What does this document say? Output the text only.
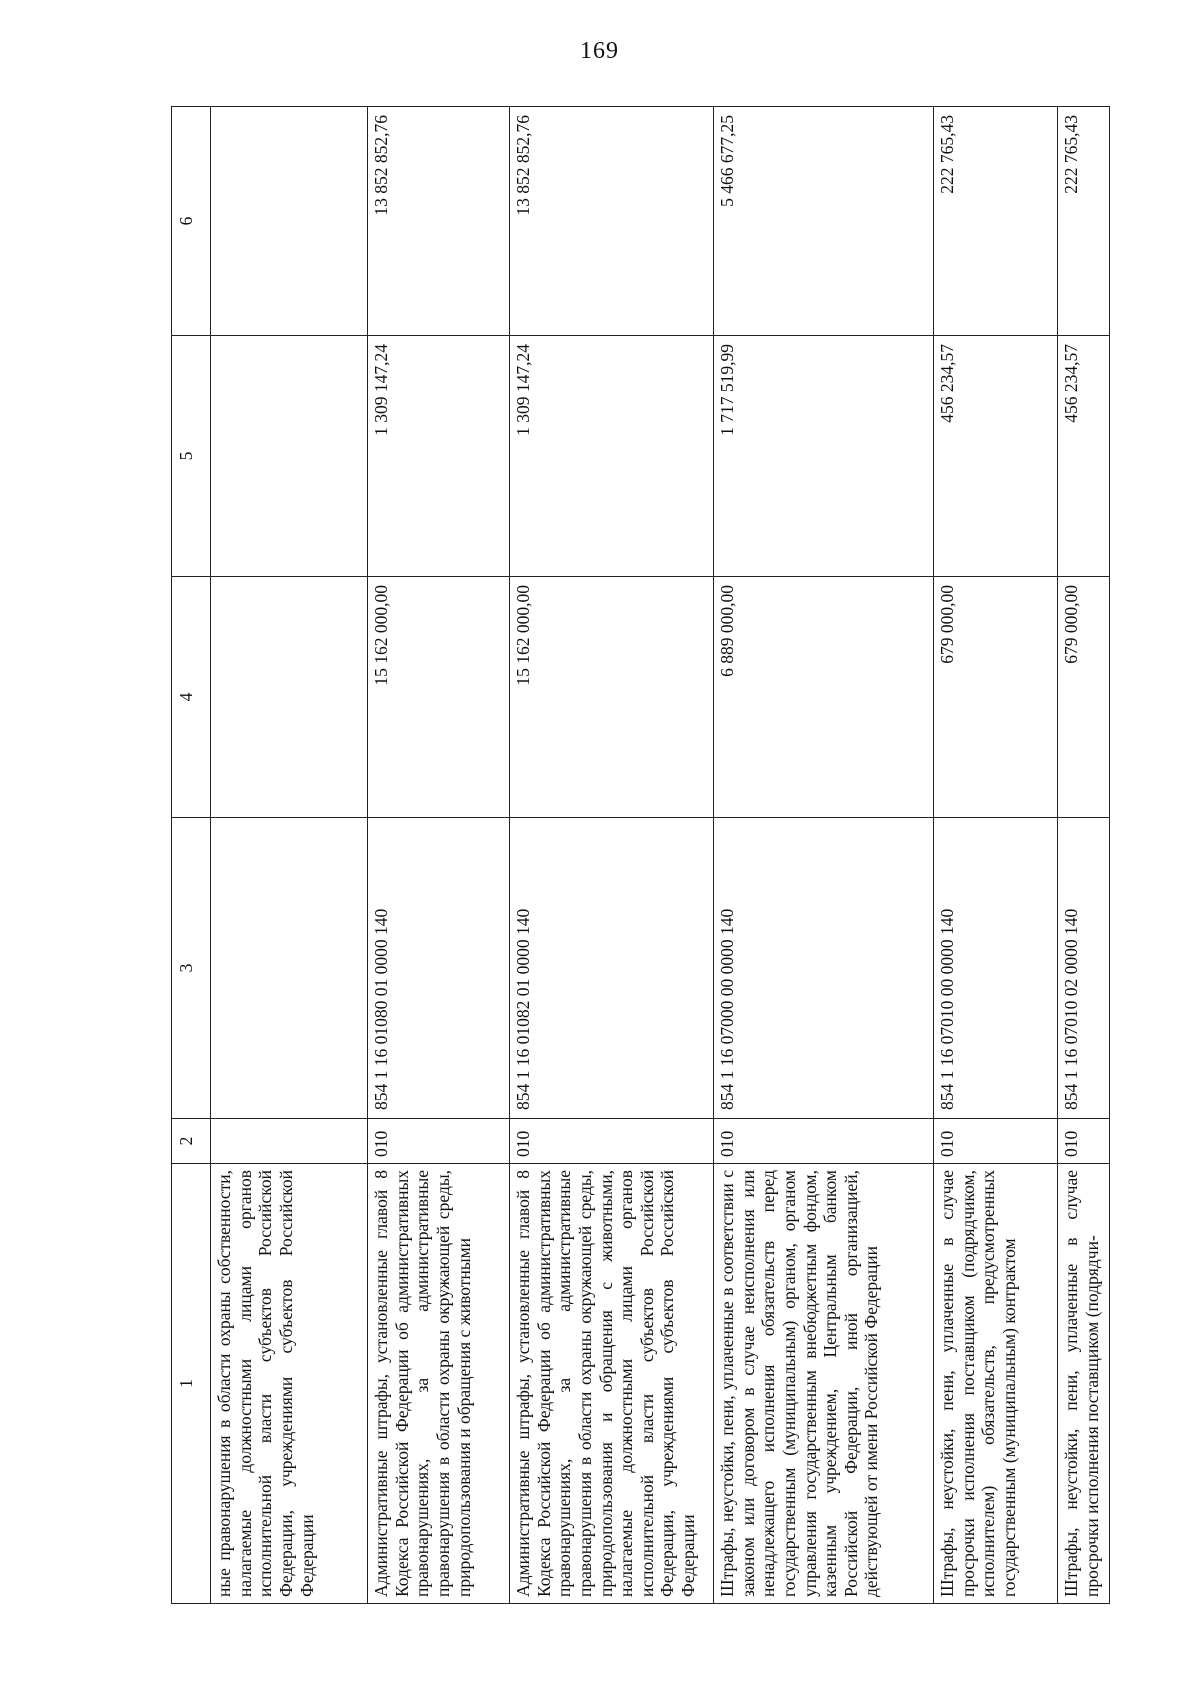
169
1	2	3	4	5	6
ные правонарушения в области охраны собственности, налагаемые должностными лицами органов исполнительной власти субъектов Российской Федерации, учреждениями субъектов Российской Федерации					
Административные штрафы, установленные главой 8 Кодекса Российской Федерации об административных правонарушениях, за административные правонарушения в области охраны окружающей среды, природопользования и обращения с животными	010	854 1 16 01080 01 0000 140	15 162 000,00	1 309 147,24	13 852 852,76
Административные штрафы, установленные главой 8 Кодекса Российской Федерации об административных правонарушениях, за административные правонарушения в области охраны окружающей среды, природопользования и обращения с животными, налагаемые должностными лицами органов исполнительной власти субъектов Российской Федерации, учреждениями субъектов Российской Федерации	010	854 1 16 01082 01 0000 140	15 162 000,00	1 309 147,24	13 852 852,76
Штрафы, неустойки, пени, уплаченные в соответствии с законом или договором в случае неисполнения или ненадлежащего исполнения обязательств перед государственным (муниципальным) органом, органом управления государственным внебюджетным фондом, казенным учреждением, Центральным банком Российской Федерации, иной организацией, действующей от имени Российской Федерации	010	854 1 16 07000 00 0000 140	6 889 000,00	1 717 519,99	5 466 677,25
Штрафы, неустойки, пени, уплаченные в случае просрочки исполнения поставщиком (подрядчиком, исполнителем) обязательств, предусмотренных государственным (муниципальным) контрактом	010	854 1 16 07010 00 0000 140	679 000,00	456 234,57	222 765,43
Штрафы, неустойки, пени, уплаченные в случае просрочки исполнения поставщиком (подрядчи-	010	854 1 16 07010 02 0000 140	679 000,00	456 234,57	222 765,43
